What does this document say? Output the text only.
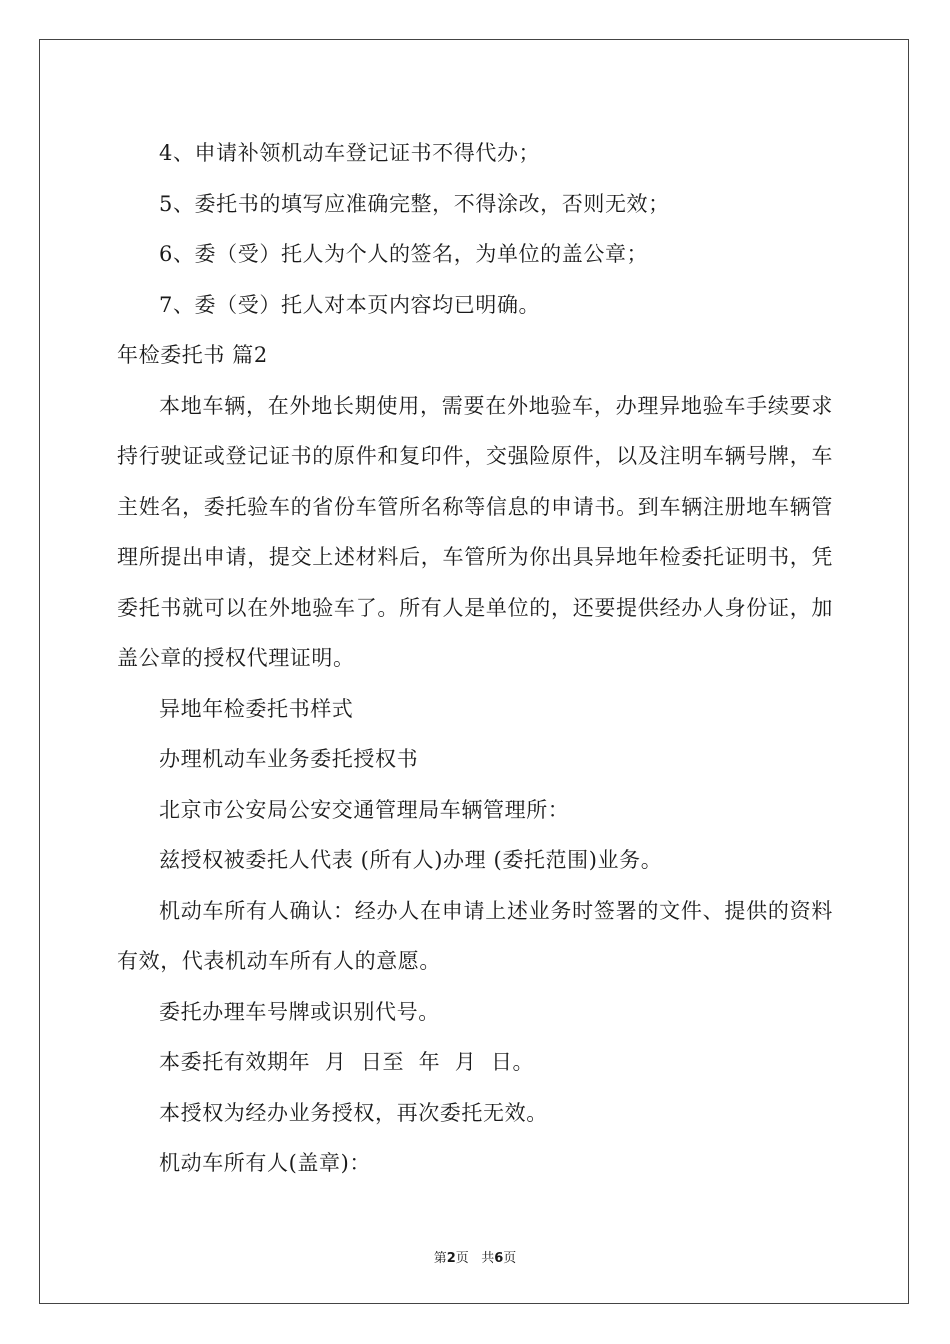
4、申请补领机动车登记证书不得代办；

5、委托书的填写应准确完整，不得涂改，否则无效；

6、委（受）托人为个人的签名，为单位的盖公章；

7、委（受）托人对本页内容均已明确。

年检委托书 篇2

本地车辆，在外地长期使用，需要在外地验车，办理异地验车手续要求持行驶证或登记证书的原件和复印件，交强险原件，以及注明车辆号牌，车主姓名，委托验车的省份车管所名称等信息的申请书。到车辆注册地车辆管理所提出申请，提交上述材料后，车管所为你出具异地年检委托证明书，凭委托书就可以在外地验车了。所有人是单位的，还要提供经办人身份证，加盖公章的授权代理证明。

异地年检委托书样式

办理机动车业务委托授权书

北京市公安局公安交通管理局车辆管理所：

兹授权被委托人代表 (所有人)办理 (委托范围)业务。

机动车所有人确认：经办人在申请上述业务时签署的文件、提供的资料有效，代表机动车所有人的意愿。

委托办理车号牌或识别代号。

本委托有效期年  月  日至  年  月  日。

本授权为经办业务授权，再次委托无效。

机动车所有人(盖章)：

第2页 共6页
